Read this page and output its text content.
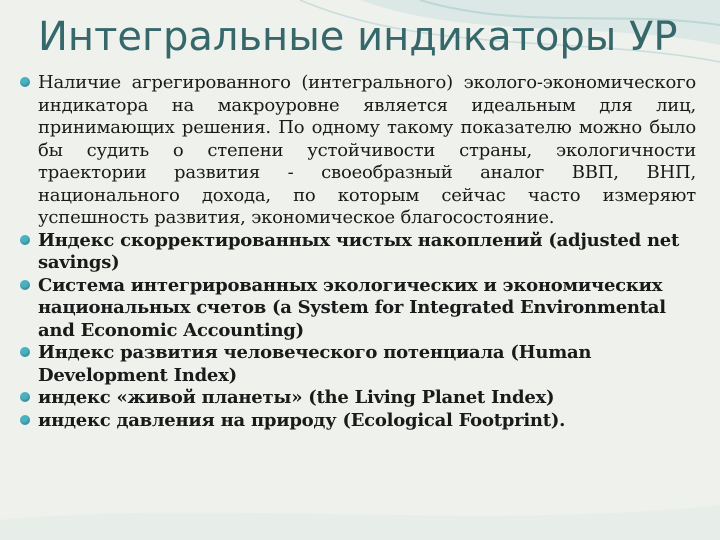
Интегральные индикаторы УР
Наличие агрегированного (интегрального) эколого-экономического индикатора на макроуровне является идеальным для лиц, принимающих решения. По одному такому показателю можно было бы судить о степени устойчивости страны, экологичности траектории развития - своеобразный аналог ВВП, ВНП, национального дохода, по которым сейчас часто измеряют успешность развития, экономическое благосостояние.
Индекс скорректированных чистых накоплений (adjusted net savings)
Система интегрированных экологических и экономических национальных счетов (a System for Integrated Environmental and Economic Accounting)
Индекс развития человеческого потенциала (Human Development Index)
индекс «живой планеты» (the Living Planet Index)
индекс давления на природу (Ecological Footprint).
